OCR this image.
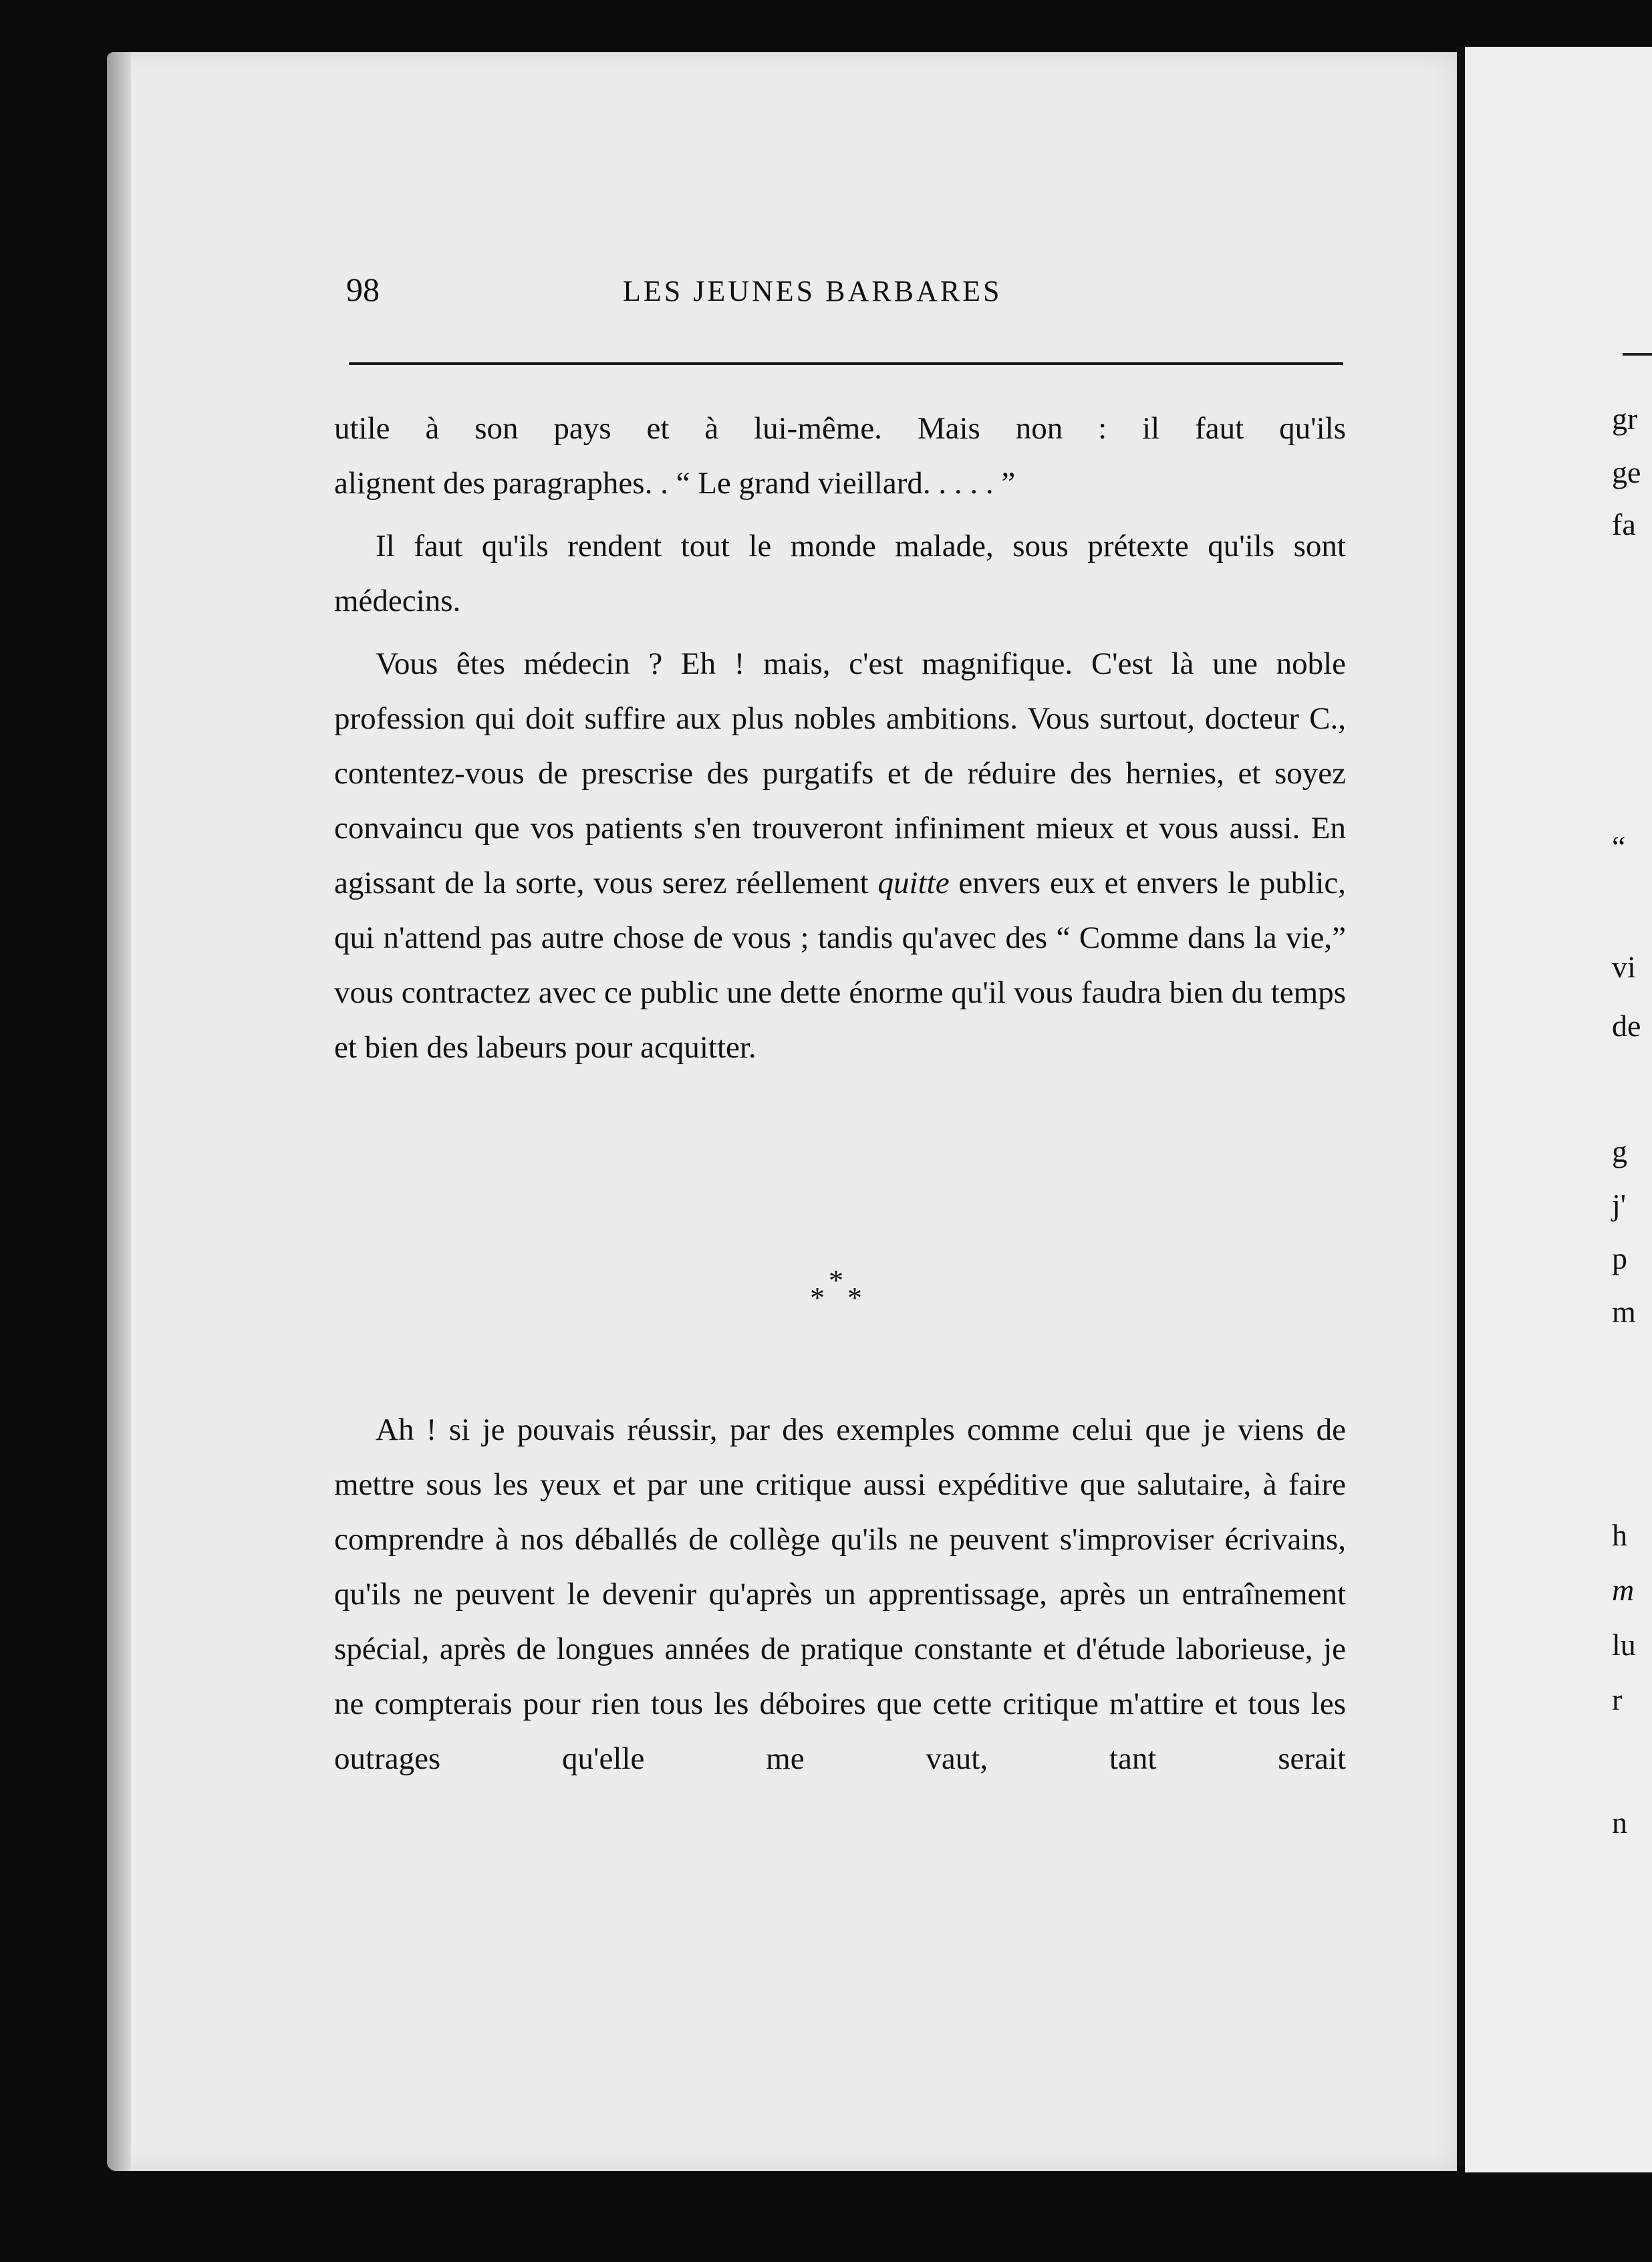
gr
ge
fa
“
vi
de
g
j'
p
m
h
m
lu
r
n
98	LES JEUNES BARBARES

utile à son pays et à lui-même. Mais non : il faut qu'ils

alignent des paragraphes. . “ Le grand vieillard. . . . . ”

Il faut qu'ils rendent tout le monde malade, sous prétexte qu'ils sont médecins.

Vous êtes médecin ? Eh ! mais, c'est magnifique. C'est là une noble profession qui doit suffire aux plus nobles ambitions. Vous surtout, docteur C., contentez-vous de prescrise des purgatifs et de réduire des hernies, et soyez convaincu que vos patients s'en trouveront infiniment mieux et vous aussi. En agissant de la sorte, vous serez réellement quitte envers eux et envers le public, qui n'attend pas autre chose de vous ; tandis qu'avec des “ Comme dans la vie,” vous contractez avec ce public une dette énorme qu'il vous faudra bien du temps et bien des labeurs pour acquitter.

*
* *

Ah ! si je pouvais réussir, par des exemples comme celui que je viens de mettre sous les yeux et par une critique aussi expéditive que salutaire, à faire comprendre à nos déballés de collège qu'ils ne peuvent s'improviser écrivains, qu'ils ne peuvent le devenir qu'après un apprentissage, après un entraînement spécial, après de longues années de pratique constante et d'étude laborieuse, je ne compterais pour rien tous les déboires que cette critique m'attire et tous les outrages qu'elle me vaut, tant serait
